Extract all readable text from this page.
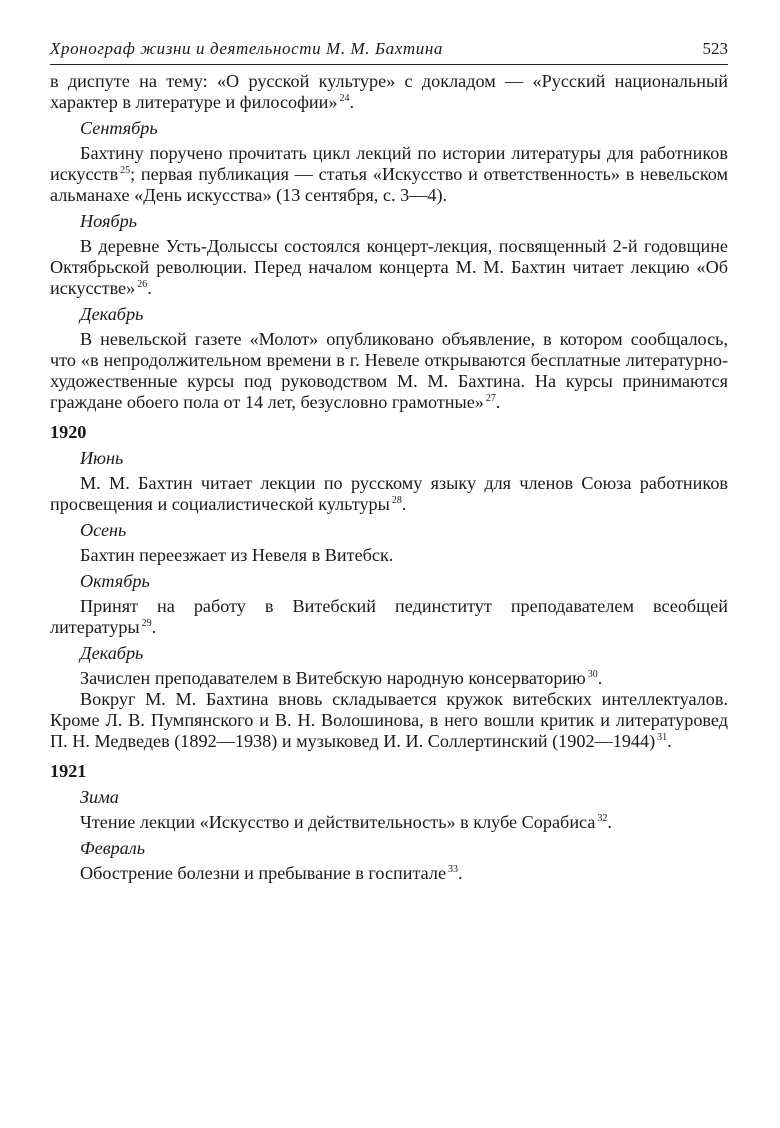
Хронограф жизни и деятельности М. М. Бахтина	523

в диспуте на тему: «О русской культуре» с докладом — «Русский национальный характер в литературе и философии» $^{24}$.

Сентябрь

Бахтину поручено прочитать цикл лекций по истории литературы для работников искусств $^{25}$; первая публикация — статья «Искусство и ответственность» в невельском альманахе «День искусства» (13 сентября, с. 3—4).

Ноябрь

В деревне Усть-Долыссы состоялся концерт-лекция, посвященный 2-й годовщине Октябрьской революции. Перед началом концерта М. М. Бахтин читает лекцию «Об искусстве» $^{26}$.

Декабрь

В невельской газете «Молот» опубликовано объявление, в котором сообщалось, что «в непродолжительном времени в г. Невеле открываются бесплатные литературно-художественные курсы под руководством М. М. Бахтина. На курсы принимаются граждане обоего пола от 14 лет, безусловно грамотные» $^{27}$.

1920
Июнь

М. М. Бахтин читает лекции по русскому языку для членов Союза работников просвещения и социалистической культуры $^{28}$.

Осень

Бахтин переезжает из Невеля в Витебск.

Октябрь

Принят на работу в Витебский пединститут преподавателем всеобщей литературы $^{29}$.

Декабрь

Зачислен преподавателем в Витебскую народную консерваторию $^{30}$.

Вокруг М. М. Бахтина вновь складывается кружок витебских интеллектуалов. Кроме Л. В. Пумпянского и В. Н. Волошинова, в него вошли критик и литературовед П. Н. Медведев (1892—1938) и музыковед И. И. Соллертинский (1902—1944) $^{31}$.

1921
Зима

Чтение лекции «Искусство и действительность» в клубе Сорабиса $^{32}$.

Февраль

Обострение болезни и пребывание в госпитале $^{33}$.
